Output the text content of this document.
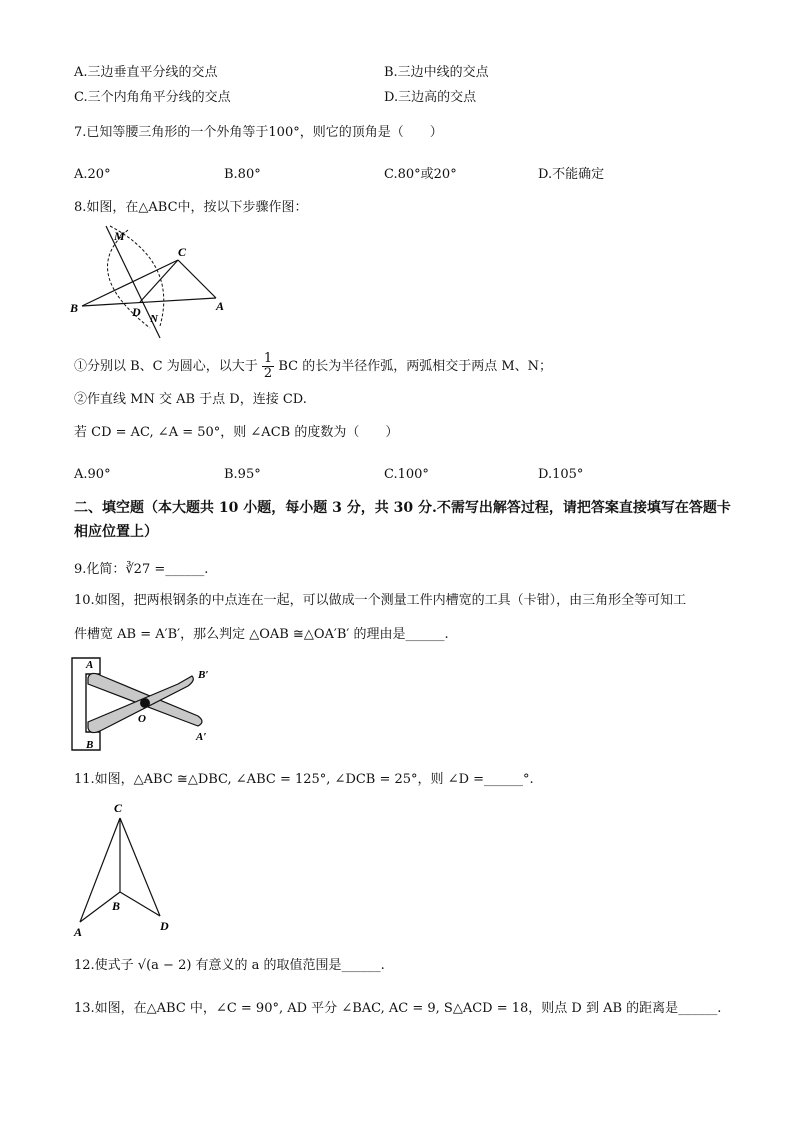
A.三边垂直平分线的交点	B.三边中线的交点
C.三个内角角平分线的交点	D.三边高的交点
7.已知等腰三角形的一个外角等于100°，则它的顶角是（　　）
A.20°	B.80°	C.80°或20°	D.不能确定
8.如图，在△ABC中，按以下步骤作图：
M
C
B	D N
A
①分别以 B、C 为圆心，以大于 $\frac{1}{2}$ BC 的长为半径作弧，两弧相交于两点 M、N；
②作直线 MN 交 AB 于点 D，连接 CD.
若 CD = AC, ∠A = 50°，则 ∠ACB 的度数为（　　）
A.90°	B.95°	C.100°	D.105°
二、填空题（本大题共 10 小题，每小题 3 分，共 30 分.不需写出解答过程，请把答案直接填写在答题卡相应位置上）
9.化简：∛27 =______.
10.如图，把两根钢条的中点连在一起，可以做成一个测量工件内槽宽的工具（卡钳），由三角形全等可知工
件槽宽 AB = A′B′，那么判定 △OAB ≅△OA′B′ 的理由是______.
A
B
O
B′
A′
11.如图，△ABC ≅△DBC, ∠ABC = 125°, ∠DCB = 25°，则 ∠D =______°.
C
B
A	D
12.使式子 √(a − 2) 有意义的 a 的取值范围是______.
13.如图，在△ABC 中，∠C = 90°, AD 平分 ∠BAC, AC = 9, S△ACD = 18，则点 D 到 AB 的距离是______.
